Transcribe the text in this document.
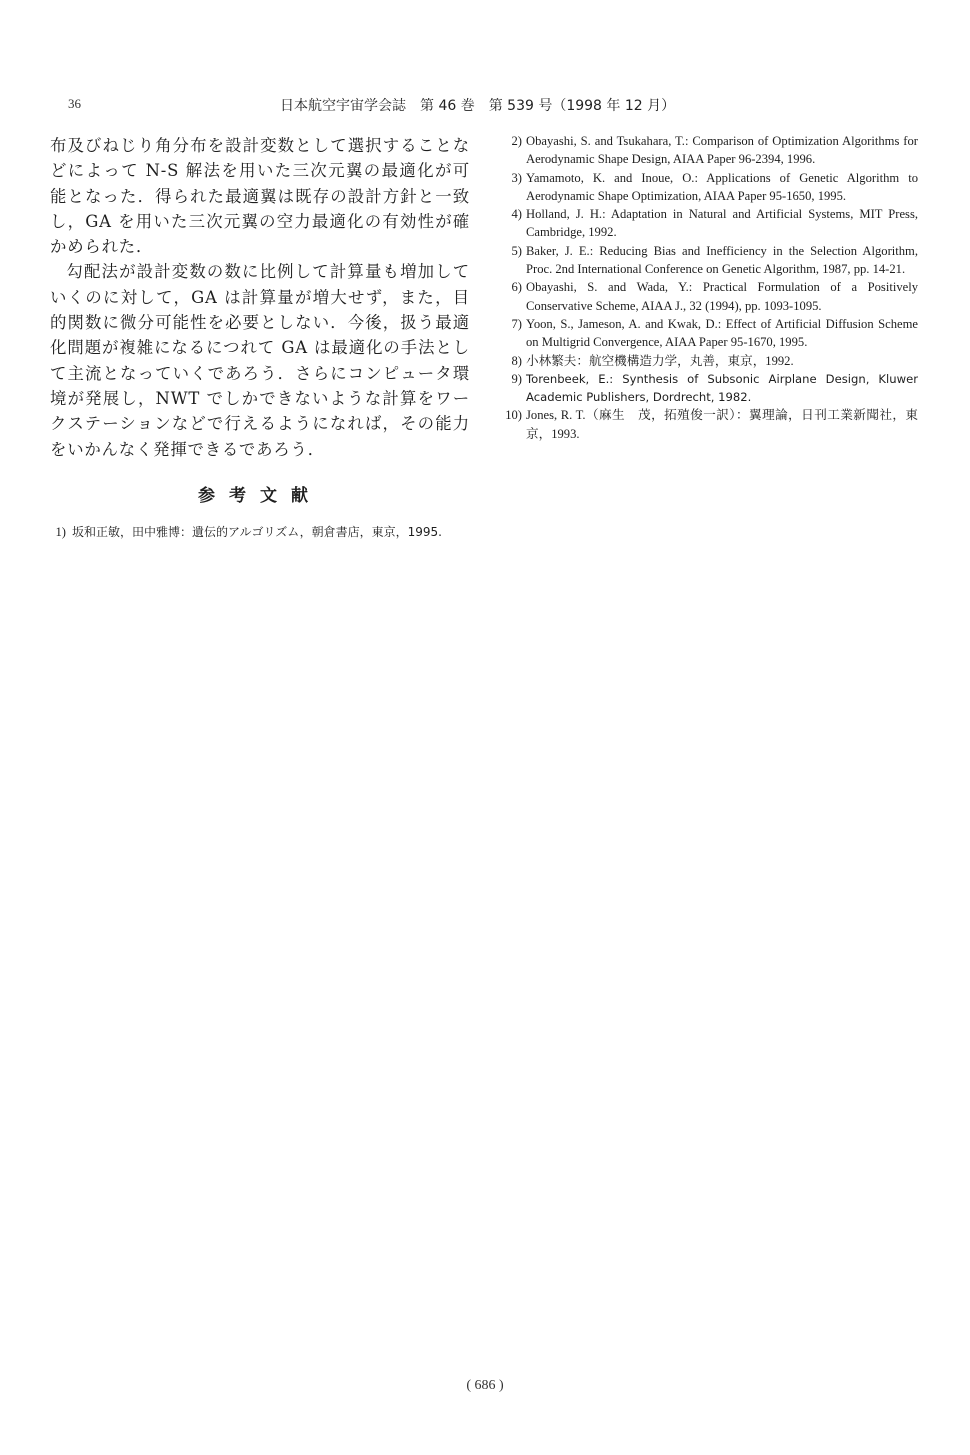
36	日本航空宇宙学会誌　第 46 巻　第 539 号（1998 年 12 月）

布及びねじり角分布を設計変数として選択することなどによって N-S 解法を用いた三次元翼の最適化が可能となった．得られた最適翼は既存の設計方針と一致し，GA を用いた三次元翼の空力最適化の有効性が確かめられた．

勾配法が設計変数の数に比例して計算量も増加していくのに対して，GA は計算量が増大せず，また，目的関数に微分可能性を必要としない．今後，扱う最適化問題が複雑になるにつれて GA は最適化の手法として主流となっていくであろう．さらにコンピュータ環境が発展し，NWT でしかできないような計算をワークステーションなどで行えるようになれば，その能力をいかんなく発揮できるであろう．

参考文献
1) 坂和正敏，田中雅博：遺伝的アルゴリズム，朝倉書店，東京，1995.
2) Obayashi, S. and Tsukahara, T.: Comparison of Optimization Algorithms for Aerodynamic Shape Design, AIAA Paper 96-2394, 1996.
3) Yamamoto, K. and Inoue, O.: Applications of Genetic Algorithm to Aerodynamic Shape Optimization, AIAA Paper 95-1650, 1995.
4) Holland, J. H.: Adaptation in Natural and Artificial Systems, MIT Press, Cambridge, 1992.
5) Baker, J. E.: Reducing Bias and Inefficiency in the Selection Algorithm, Proc. 2nd International Conference on Genetic Algorithm, 1987, pp. 14-21.
6) Obayashi, S. and Wada, Y.: Practical Formulation of a Positively Conservative Scheme, AIAA J., 32 (1994), pp. 1093-1095.
7) Yoon, S., Jameson, A. and Kwak, D.: Effect of Artificial Diffusion Scheme on Multigrid Convergence, AIAA Paper 95-1670, 1995.
8) 小林繁夫：航空機構造力学，丸善，東京，1992.
9) Torenbeek, E.: Synthesis of Subsonic Airplane Design, Kluwer Academic Publishers, Dordrecht, 1982.
10) Jones, R. T.（麻生　茂，拓殖俊一訳）：翼理論，日刊工業新聞社，東京，1993.
( 686 )
